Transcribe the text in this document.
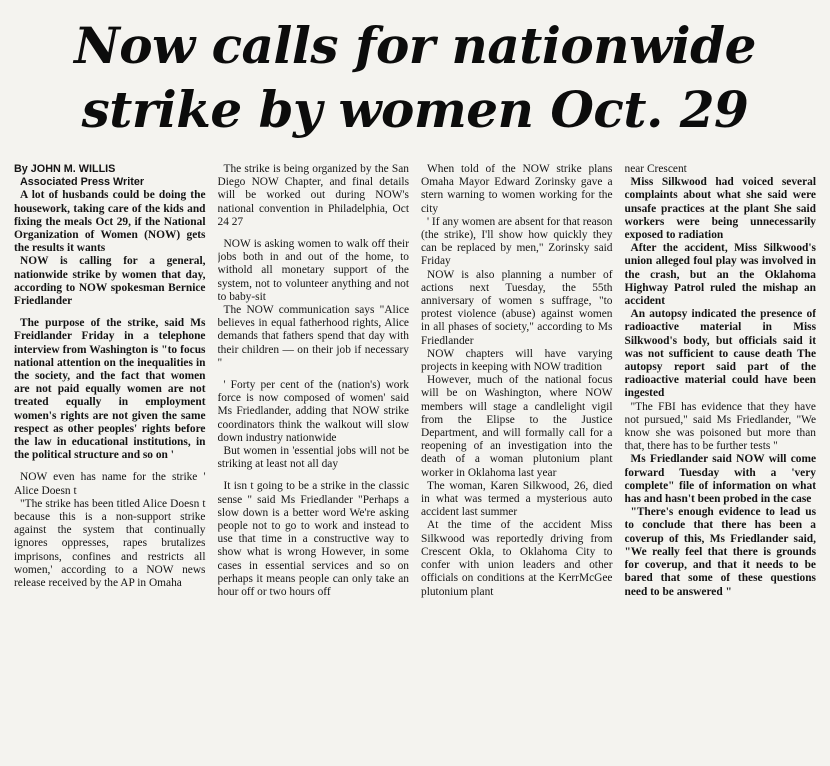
Now calls for nationwide
strike by women Oct. 29

By JOHN M. WILLIS
Associated Press Writer

A lot of husbands could be doing the housework, taking care of the kids and fixing the meals Oct 29, if the National Organization of Women (NOW) gets the results it wants

NOW is calling for a general, nationwide strike by women that day, according to NOW spokesman Bernice Friedlander

The purpose of the strike, said Ms Freidlander Friday in a telephone interview from Washington is "to focus national attention on the inequalities in the society, and the fact that women are not paid equally women are not treated equally in employment women's rights are not given the same respect as other peoples' rights before the law in educational institutions, in the political structure and so on '

NOW even has name for the strike ' Alice Doesn t

"The strike has been titled Alice Doesn t because this is a non-support strike against the system that continually ignores oppresses, rapes brutalizes imprisons, confines and restricts all women,' according to a NOW news release received by the AP in Omaha

The strike is being organized by the San Diego NOW Chapter, and final details will be worked out during NOW's national convention in Philadelphia, Oct 24 27

NOW is asking women to walk off their jobs both in and out of the home, to withold all monetary support of the system, not to volunteer anything and not to baby-sit

The NOW communication says "Alice believes in equal fatherhood rights, Alice demands that fathers spend that day with their children — on their job if necessary "

' Forty per cent of the (nation's) work force is now composed of women' said Ms Friedlander, adding that NOW strike coordinators think the walkout will slow down industry nationwide

But women in 'essential jobs will not be striking at least not all day

It isn t going to be a strike in the classic sense " said Ms Friedlander "Perhaps a slow down is a better word We're asking people not to go to work and instead to use that time in a constructive way to show what is wrong However, in some cases in essential services and so on perhaps it means people can only take an hour off or two hours off

When told of the NOW strike plans Omaha Mayor Edward Zorinsky gave a stern warning to women working for the city

' If any women are absent for that reason (the strike), I'll show how quickly they can be replaced by men," Zorinsky said Friday

NOW is also planning a number of actions next Tuesday, the 55th anniversary of women s suffrage, "to protest violence (abuse) against women in all phases of society," according to Ms Friedlander

NOW chapters will have varying projects in keeping with NOW tradition

However, much of the national focus will be on Washington, where NOW members will stage a candlelight vigil from the Elipse to the Justice Department, and will formally call for a reopening of an investigation into the death of a woman plutonium plant worker in Oklahoma last year

The woman, Karen Silkwood, 26, died in what was termed a mysterious auto accident last summer

At the time of the accident Miss Silkwood was reportedly driving from Crescent Okla, to Oklahoma City to confer with union leaders and other officials on conditions at the KerrMcGee plutonium plant

near Crescent

Miss Silkwood had voiced several complaints about what she said were unsafe practices at the plant She said workers were being unnecessarily exposed to radiation

After the accident, Miss Silkwood's union alleged foul play was involved in the crash, but an the Oklahoma Highway Patrol ruled the mishap an accident

An autopsy indicated the presence of radioactive material in Miss Silkwood's body, but officials said it was not sufficient to cause death The autopsy report said part of the radioactive material could have been ingested

"The FBI has evidence that they have not pursued," said Ms Friedlander, "We know she was poisoned but more than that, there has to be further tests "

Ms Friedlander said NOW will come forward Tuesday with a 'very complete" file of information on what has and hasn't been probed in the case

"There's enough evidence to lead us to conclude that there has been a coverup of this, Ms Friedlander said, "We really feel that there is grounds for coverup, and that it needs to be bared that some of these questions need to be answered "
